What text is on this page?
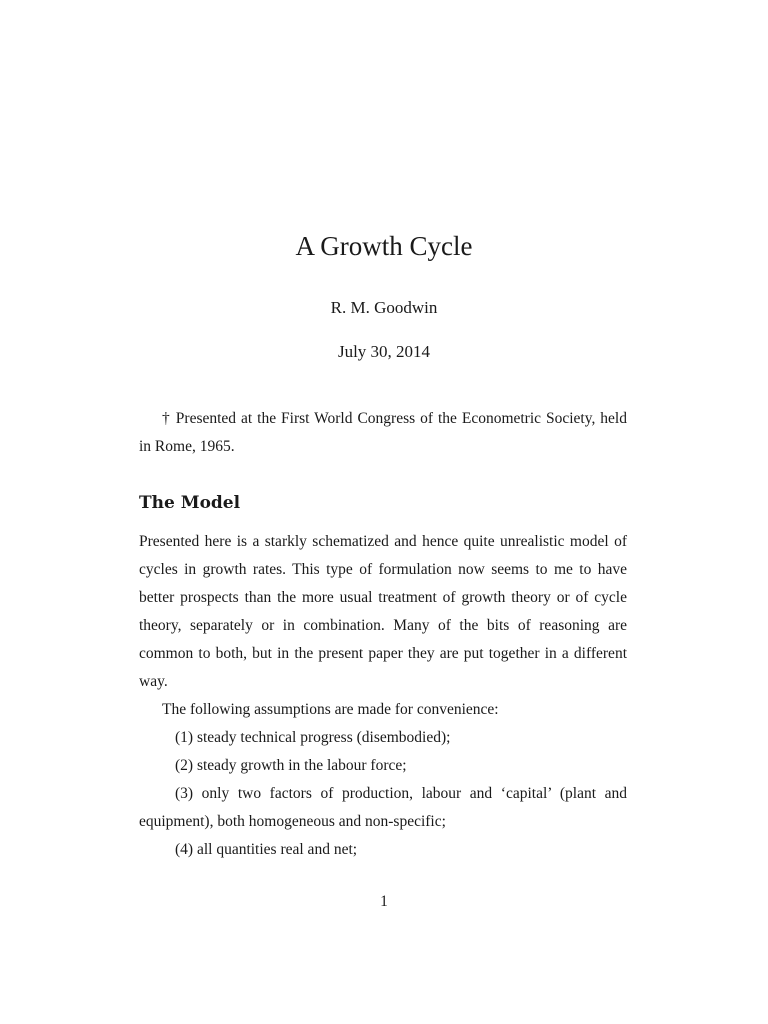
A Growth Cycle
R. M. Goodwin
July 30, 2014
† Presented at the First World Congress of the Econometric Society, held in Rome, 1965.
The Model

Presented here is a starkly schematized and hence quite unrealistic model of cycles in growth rates. This type of formulation now seems to me to have better prospects than the more usual treatment of growth theory or of cycle theory, separately or in combination. Many of the bits of reasoning are common to both, but in the present paper they are put together in a different way.

The following assumptions are made for convenience:

(1) steady technical progress (disembodied);

(2) steady growth in the labour force;

(3) only two factors of production, labour and ‘capital’ (plant and equipment), both homogeneous and non-specific;

(4) all quantities real and net;

1
